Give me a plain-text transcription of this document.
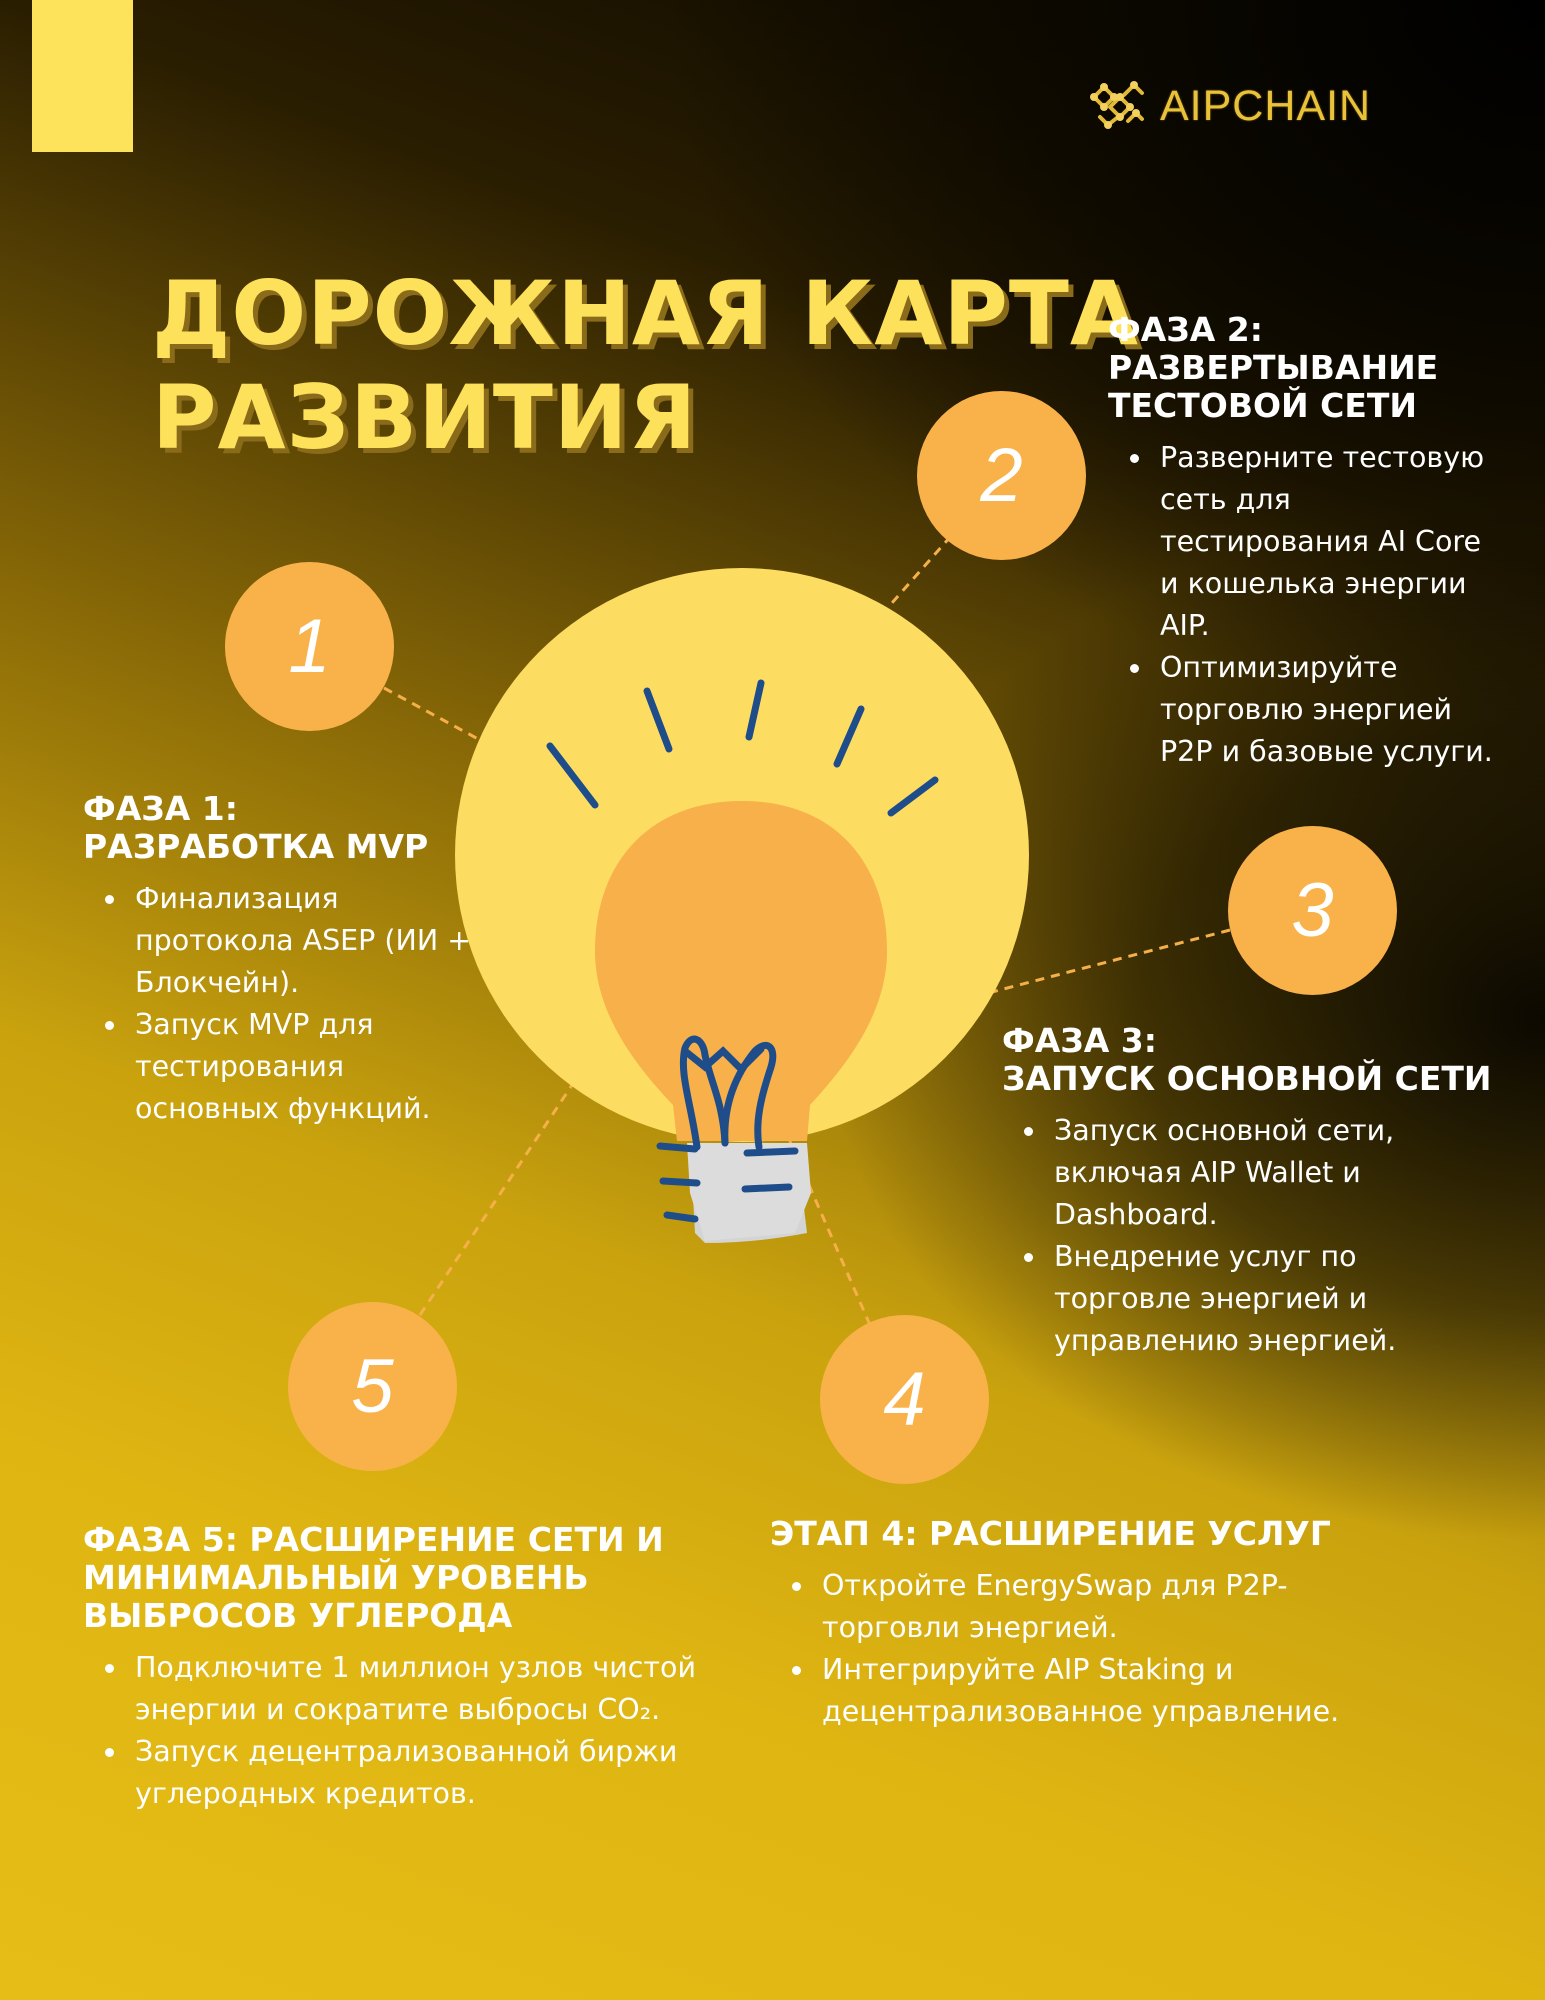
AIPCHAIN
ДОРОЖНАЯ КАРТА
РАЗВИТИЯ
1
2
3
4
5
ФАЗА 1:
РАЗРАБОТКА MVP
Финализация протокола ASEP (ИИ + Блокчейн).
Запуск MVP для тестирования основных функций.
ФАЗА 2:
РАЗВЕРТЫВАНИЕ
ТЕСТОВОЙ СЕТИ
Разверните тестовую сеть для тестирования AI Core и кошелька энергии AIP.
Оптимизируйте торговлю энергией P2P и базовые услуги.
ФАЗА 3:
ЗАПУСК ОСНОВНОЙ СЕТИ
Запуск основной сети, включая AIP Wallet и Dashboard.
Внедрение услуг по торговле энергией и управлению энергией.
ЭТАП 4: РАСШИРЕНИЕ УСЛУГ
Откройте EnergySwap для P2P-торговли энергией.
Интегрируйте AIP Staking и децентрализованное управление.
ФАЗА 5: РАСШИРЕНИЕ СЕТИ И
МИНИМАЛЬНЫЙ УРОВЕНЬ
ВЫБРОСОВ УГЛЕРОДА
Подключите 1 миллион узлов чистой энергии и сократите выбросы CO₂.
Запуск децентрализованной биржи углеродных кредитов.
